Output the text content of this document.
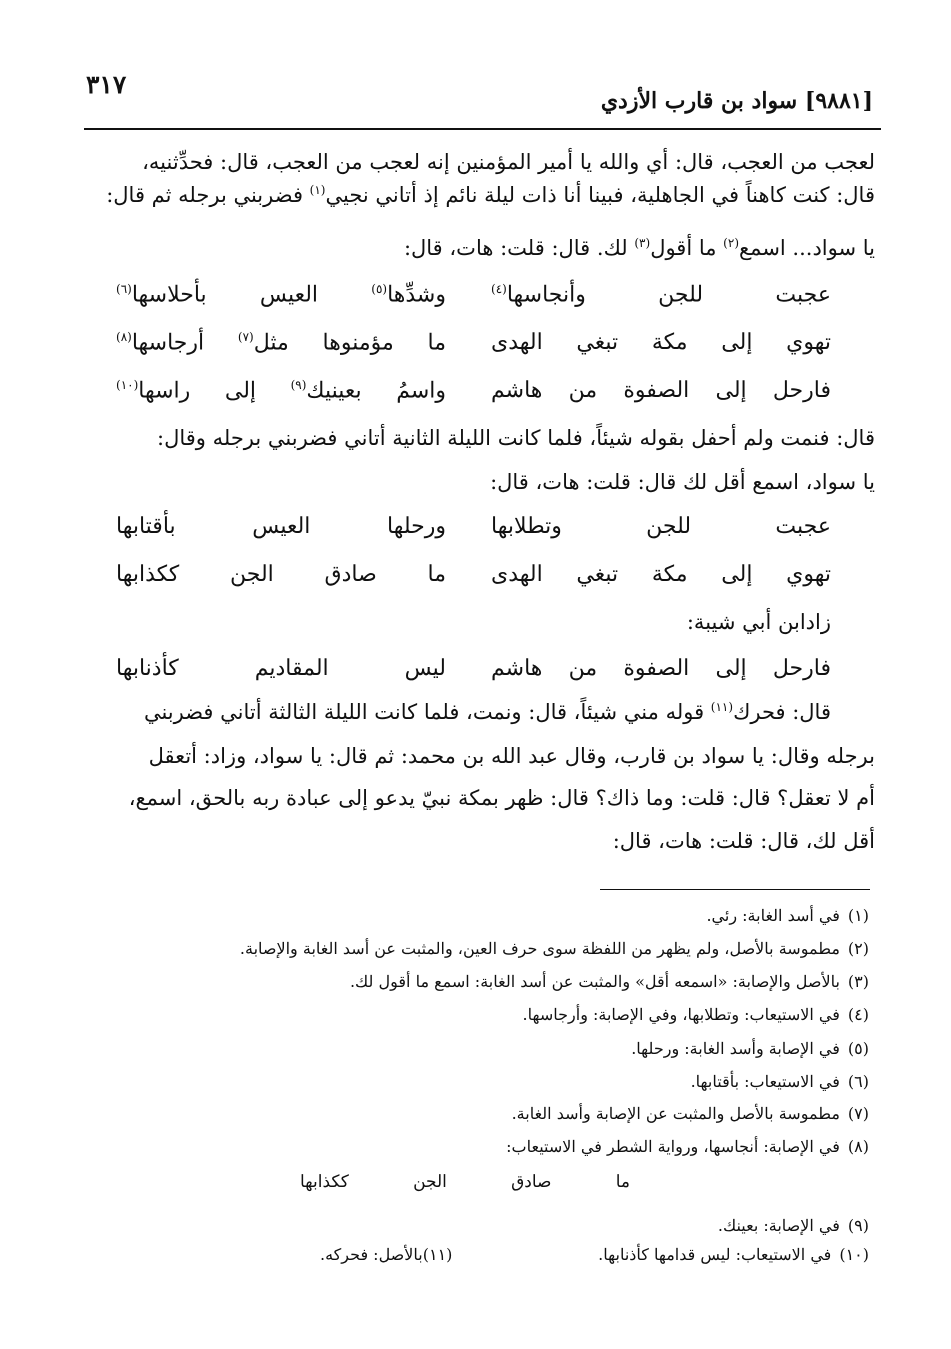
٣١٧
[٩٨٨١] سواد بن قارب الأزدي
لعجب من العجب، قال: أي والله يا أمير المؤمنين إنه لعجب من العجب، قال: فحدِّثنيه،
قال: كنت كاهناً في الجاهلية، فبينا أنا ذات ليلة نائم إذ أتاني نجيي$^{(١)}$ فضربني برجله ثم قال:
يا سواد... اسمع$^{(٢)}$ ما أقول$^{(٣)}$ لك. قال: قلت: هات، قال:
عجبت للجن وأنجاسها$^{(٤)}$
وشدِّها$^{(٥)}$ العيس بأحلاسها$^{(٦)}$
تهوي إلى مكة تبغي الهدى
ما مؤمنوها مثل$^{(٧)}$ أرجاسها$^{(٨)}$
فارحل إلى الصفوة من هاشم
واسمُ بعينيك$^{(٩)}$ إلى راسها$^{(١٠)}$
قال: فنمت ولم أحفل بقوله شيئاً، فلما كانت الليلة الثانية أتاني فضربني برجله وقال:
يا سواد، اسمع أقل لك قال: قلت: هات، قال:
عجبت للجن وتطلابها
ورحلها العيس بأقتابها
تهوي إلى مكة تبغي الهدى
ما صادق الجن ككذابها
زادابن أبي شيبة:
فارحل إلى الصفوة من هاشم
ليس المقاديم كأذنابها
قال: فحرك$^{(١١)}$ قوله مني شيئاً، قال: ونمت، فلما كانت الليلة الثالثة أتاني فضربني
برجله وقال: يا سواد بن قارب، وقال عبد الله بن محمد: ثم قال: يا سواد، وزاد: أتعقل
أم لا تعقل؟ قال: قلت: وما ذاك؟ قال: ظهر بمكة نبيّ يدعو إلى عبادة ربه بالحق، اسمع،
أقل لك، قال: قلت: هات، قال:
(١)في أسد الغابة: رئي.
(٢)مطموسة بالأصل، ولم يظهر من اللفظة سوى حرف العين، والمثبت عن أسد الغابة والإصابة.
(٣)بالأصل والإصابة: «اسمعه أقل» والمثبت عن أسد الغابة: اسمع ما أقول لك.
(٤)في الاستيعاب: وتطلابها، وفي الإصابة: وأرجاسها.
(٥)في الإصابة وأسد الغابة: ورحلها.
(٦)في الاستيعاب: بأقتابها.
(٧)مطموسة بالأصل والمثبت عن الإصابة وأسد الغابة.
(٨)في الإصابة: أنجاسها، ورواية الشطر في الاستيعاب:
ما صادق الجن ككذابها
(٩)في الإصابة: بعينك.
(١٠)في الاستيعاب: ليس قدامها كأذنابها.
(١١)بالأصل: فحركه.
